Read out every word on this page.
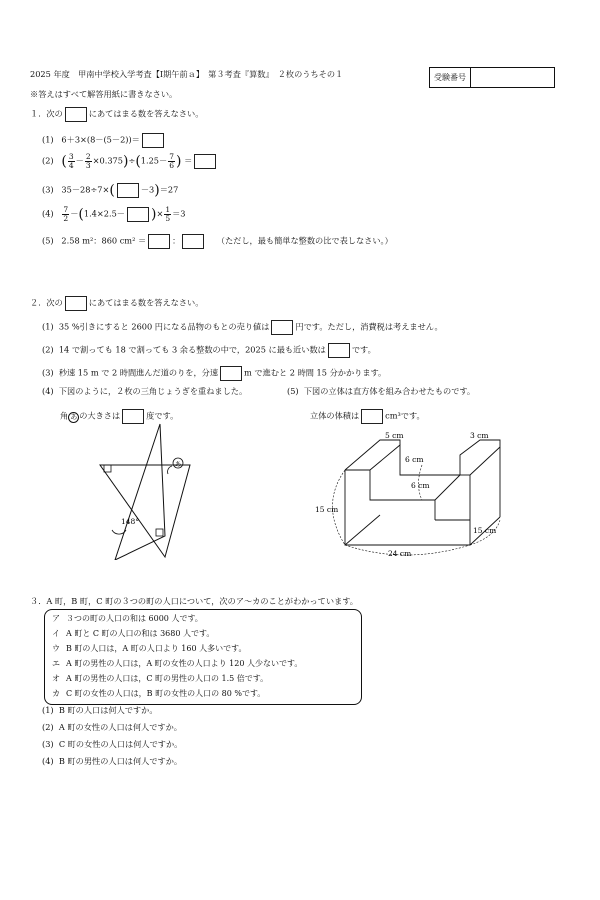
2025 年度　甲南中学校入学考査【Ⅰ期午前ａ】　第３考査『算数』　２枚のうちその１	受験番号
※答えはすべて解答用紙に書きなさい。
１．次の	にあてはまる数を答えなさい。
(1) 6＋3×(8－(5－2))＝
(2) ( $\frac{3}{4} - \frac{2}{3} \times 0.375)\div(1.25- \frac{7}{6}$ ) ＝
(3) 35－28÷7×(	－3)＝27
$(4) \frac{7}{2} -(1.4\times 2.5-$ )× $\frac{1}{5} =3$
(5) 2.58 m²：860 cm² ＝	：	（ただし，最も簡単な整数の比で表しなさい。）
２．次の	にあてはまる数を答えなさい。
(1) 35 %引きにすると 2600 円になる品物のもとの売り値は	円です。ただし，消費税は考えません。
(2) 14 で割っても 18 で割っても 3 余る整数の中で，2025 に最も近い数は	です。
(3) 秒速 15 m で 2 時間進んだ道のりを，分速	m で進むと 2 時間 15 分かかります。
(4) 下図のように，２枚の三角じょうぎを重ねました。
角 あ の大きさは	度です。
(5) 下図の立体は直方体を組み合わせたものです。
立体の体積は	cm³です。
あ
148°
5 cm	3 cm
6 cm
6 cm
15 cm
15 cm
24 cm
３．A 町，B 町，C 町の３つの町の人口について，次のア～カのことがわかっています。
ア ３つの町の人口の和は 6000 人です。
イ A 町と C 町の人口の和は 3680 人です。
ウ B 町の人口は，A 町の人口より 160 人多いです。
エ A 町の男性の人口は，A 町の女性の人口より 120 人少ないです。
オ A 町の男性の人口は，C 町の男性の人口の 1.5 倍です。
カ C 町の女性の人口は，B 町の女性の人口の 80 %です。
(1) B 町の人口は何人ですか。
(2) A 町の女性の人口は何人ですか。
(3) C 町の女性の人口は何人ですか。
(4) B 町の男性の人口は何人ですか。
